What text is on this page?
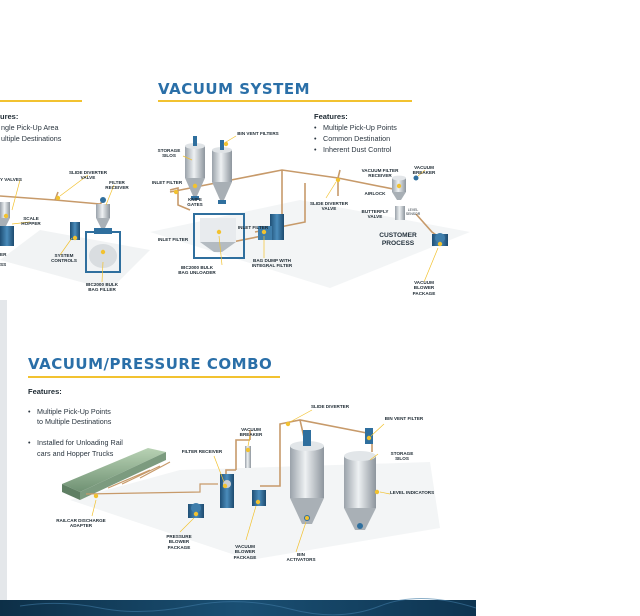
ures:
• ngle Pick-Up Area
• ultiple Destinations
Y VALVES
SLIDE DIVERTER
VALVE
FILTER
RECEIVER
SCALE
HOPPER
ER
SS
SYSTEM
CONTROLS
IBC2000 BULK
BAG FILLER
VACUUM SYSTEM
Features:
• Multiple Pick-Up Points
• Common Destination
• Inherent Dust Control
STORAGE
SILOS
BIN VENT FILTERS
INLET FILTER
KNIFE
GATES
INLET FILTER
IBC2000 BULK
BAG UNLOADER
INLET FILTER
BAG DUMP WITH
INTEGRAL FILTER
SLIDE DIVERTER
VALVE
VACUUM FILTER
RECEIVER
VACUUM
BREAKER
AIRLOCK
BUTTERFLY
VALVE
LEVEL
SENSOR
CUSTOMER
PROCESS
VACUUM
BLOWER
PACKAGE
VACUUM/PRESSURE COMBO
Features:

• Multiple Pick-Up Points
to Multiple Destinations

• Installed for Unloading Rail
cars and Hopper Trucks

SLIDE DIVERTER
BIN VENT FILTER
FILTER RECEIVER
VACUUM
BREAKER
STORAGE
SILOS
LEVEL INDICATORS
RAILCAR DISCHARGE
ADAPTER
PRESSURE
BLOWER
PACKAGE	VACUUM
BLOWER
PACKAGE
BIN
ACTIVATORS
